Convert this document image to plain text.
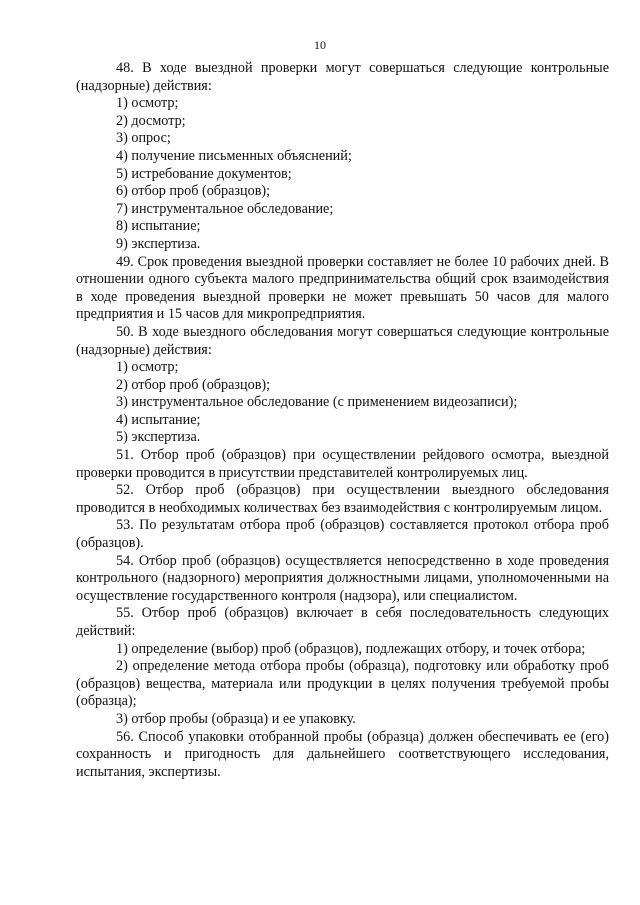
10

48. В ходе выездной проверки могут совершаться следующие контрольные (надзорные) действия:

1) осмотр;

2) досмотр;

3) опрос;

4) получение письменных объяснений;

5) истребование документов;

6) отбор проб (образцов);

7) инструментальное обследование;

8) испытание;

9) экспертиза.

49. Срок проведения выездной проверки составляет не более 10 рабочих дней. В отношении одного субъекта малого предпринимательства общий срок взаимодействия в ходе проведения выездной проверки не может превышать 50 часов для малого предприятия и 15 часов для микропредприятия.

50. В ходе выездного обследования могут совершаться следующие контрольные (надзорные) действия:

1) осмотр;

2) отбор проб (образцов);

3) инструментальное обследование (с применением видеозаписи);

4) испытание;

5) экспертиза.

51. Отбор проб (образцов) при осуществлении рейдового осмотра, выездной проверки проводится в присутствии представителей контролируемых лиц.

52. Отбор проб (образцов) при осуществлении выездного обследования проводится в необходимых количествах без взаимодействия с контролируемым лицом.

53. По результатам отбора проб (образцов) составляется протокол отбора проб (образцов).

54. Отбор проб (образцов) осуществляется непосредственно в ходе проведения контрольного (надзорного) мероприятия должностными лицами, уполномоченными на осуществление государственного контроля (надзора), или специалистом.

55. Отбор проб (образцов) включает в себя последовательность следующих действий:

1) определение (выбор) проб (образцов), подлежащих отбору, и точек отбора;

2) определение метода отбора пробы (образца), подготовку или обработку проб (образцов) вещества, материала или продукции в целях получения требуемой пробы (образца);

3) отбор пробы (образца) и ее упаковку.

56. Способ упаковки отобранной пробы (образца) должен обеспечивать ее (его) сохранность и пригодность для дальнейшего соответствующего исследования, испытания, экспертизы.
